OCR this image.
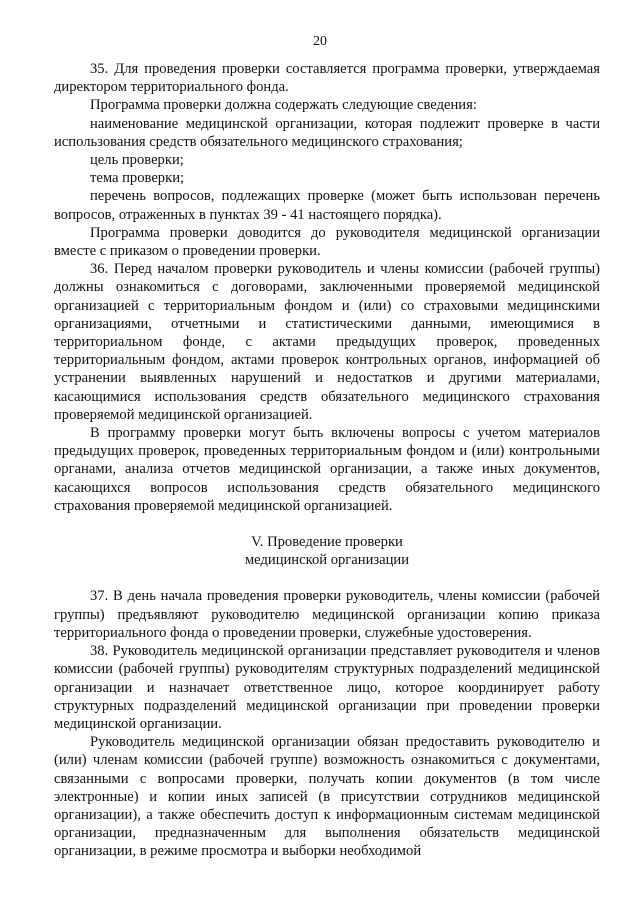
20

35. Для проведения проверки составляется программа проверки, утверждаемая директором территориального фонда.

Программа проверки должна содержать следующие сведения:

наименование медицинской организации, которая подлежит проверке в части использования средств обязательного медицинского страхования;

цель проверки;

тема проверки;

перечень вопросов, подлежащих проверке (может быть использован перечень вопросов, отраженных в пунктах 39 - 41 настоящего порядка).

Программа проверки доводится до руководителя медицинской организации вместе с приказом о проведении проверки.

36. Перед началом проверки руководитель и члены комиссии (рабочей группы) должны ознакомиться с договорами, заключенными проверяемой медицинской организацией с территориальным фондом и (или) со страховыми медицинскими организациями, отчетными и статистическими данными, имеющимися в территориальном фонде, с актами предыдущих проверок, проведенных территориальным фондом, актами проверок контрольных органов, информацией об устранении выявленных нарушений и недостатков и другими материалами, касающимися использования средств обязательного медицинского страхования проверяемой медицинской организацией.

В программу проверки могут быть включены вопросы с учетом материалов предыдущих проверок, проведенных территориальным фондом и (или) контрольными органами, анализа отчетов медицинской организации, а также иных документов, касающихся вопросов использования средств обязательного медицинского страхования проверяемой медицинской организацией.

V. Проведение проверки
медицинской организации

37. В день начала проведения проверки руководитель, члены комиссии (рабочей группы) предъявляют руководителю медицинской организации копию приказа территориального фонда о проведении проверки, служебные удостоверения.

38. Руководитель медицинской организации представляет руководителя и членов комиссии (рабочей группы) руководителям структурных подразделений медицинской организации и назначает ответственное лицо, которое координирует работу структурных подразделений медицинской организации при проведении проверки медицинской организации.

Руководитель медицинской организации обязан предоставить руководителю и (или) членам комиссии (рабочей группе) возможность ознакомиться с документами, связанными с вопросами проверки, получать копии документов (в том числе электронные) и копии иных записей (в присутствии сотрудников медицинской организации), а также обеспечить доступ к информационным системам медицинской организации, предназначенным для выполнения обязательств медицинской организации, в режиме просмотра и выборки необходимой
